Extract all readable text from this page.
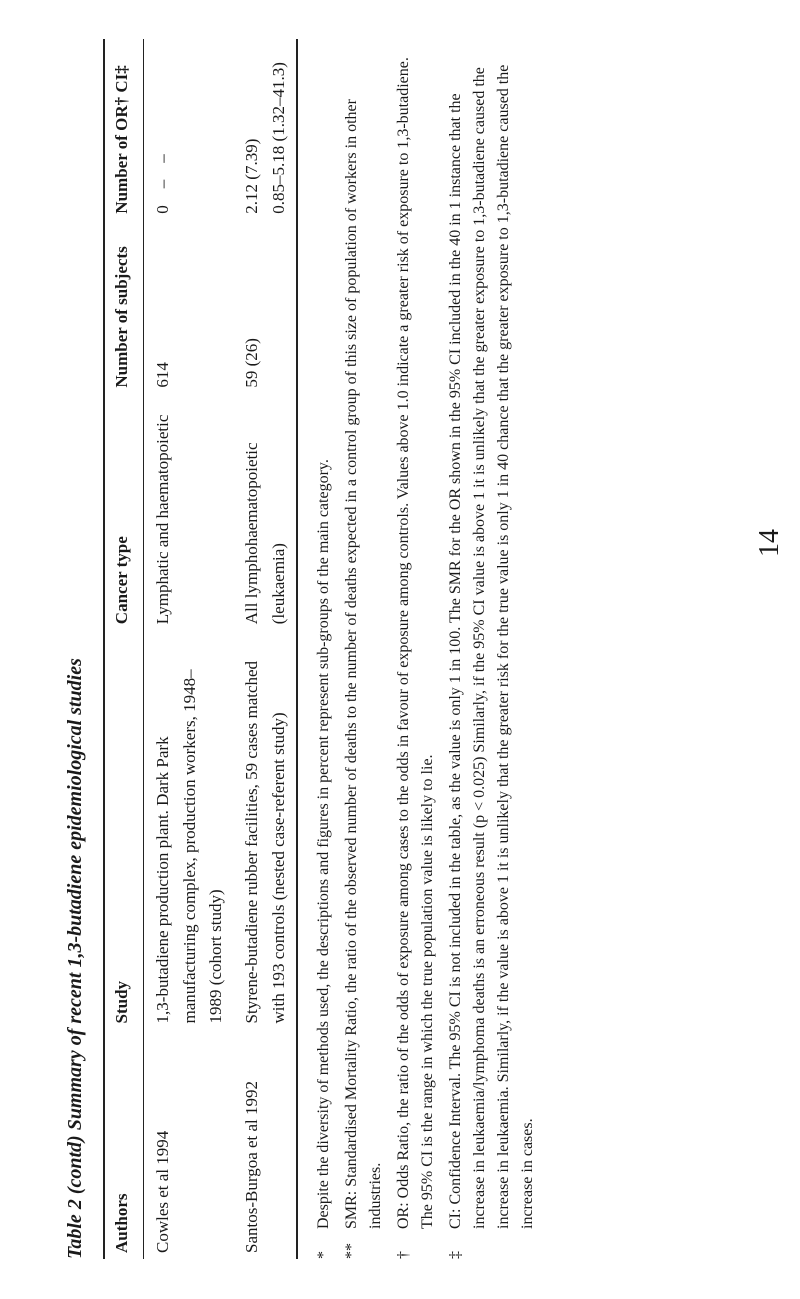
14
Table 2 (contd) Summary of recent 1,3-butadiene epidemiological studies Authors	Study	Cancer type	Number of subjects	Number of OR† CI‡
Cowles et al 1994	1,3-butadiene production plant. Dark Park manufacturing complex, production workers, 1948–1989 (cohort study)	Lymphatic and haematopoietic	614	0    –    –
Santos-Burgoa et al 1992	Styrene-butadiene rubber facilities, 59 cases matched with 193 controls (nested case-referent study)	All lymphohaematopoietic (leukaemia)	59 (26)	2.12 (7.39) 0.85–5.18 (1.32–41.3)
*
Despite the diversity of methods used, the descriptions and figures in percent represent sub-groups of the main category.
**
SMR: Standardised Mortality Ratio, the ratio of the observed number of deaths to the number of deaths expected in a control group of this size of population of workers in other industries.
†
OR: Odds Ratio, the ratio of the odds of exposure among cases to the odds in favour of exposure among controls. Values above 1.0 indicate a greater risk of exposure to 1,3-butadiene. The 95% CI is the range in which the true population value is likely to lie.
‡
CI: Confidence Interval. The 95% CI is not included in the table, as the value is only 1 in 100. The SMR for the OR shown in the 95% CI included in the 40 in 1 instance that the increase in leukaemia/lymphoma deaths is an erroneous result (p < 0.025) Similarly, if the 95% CI value is above 1 it is unlikely that the greater exposure to 1,3-butadiene caused the increase in leukaemia. Similarly, if the value is above 1 it is unlikely that the greater risk for the true value is only 1 in 40 chance that the greater exposure to 1,3-butadiene caused the increase in cases.
